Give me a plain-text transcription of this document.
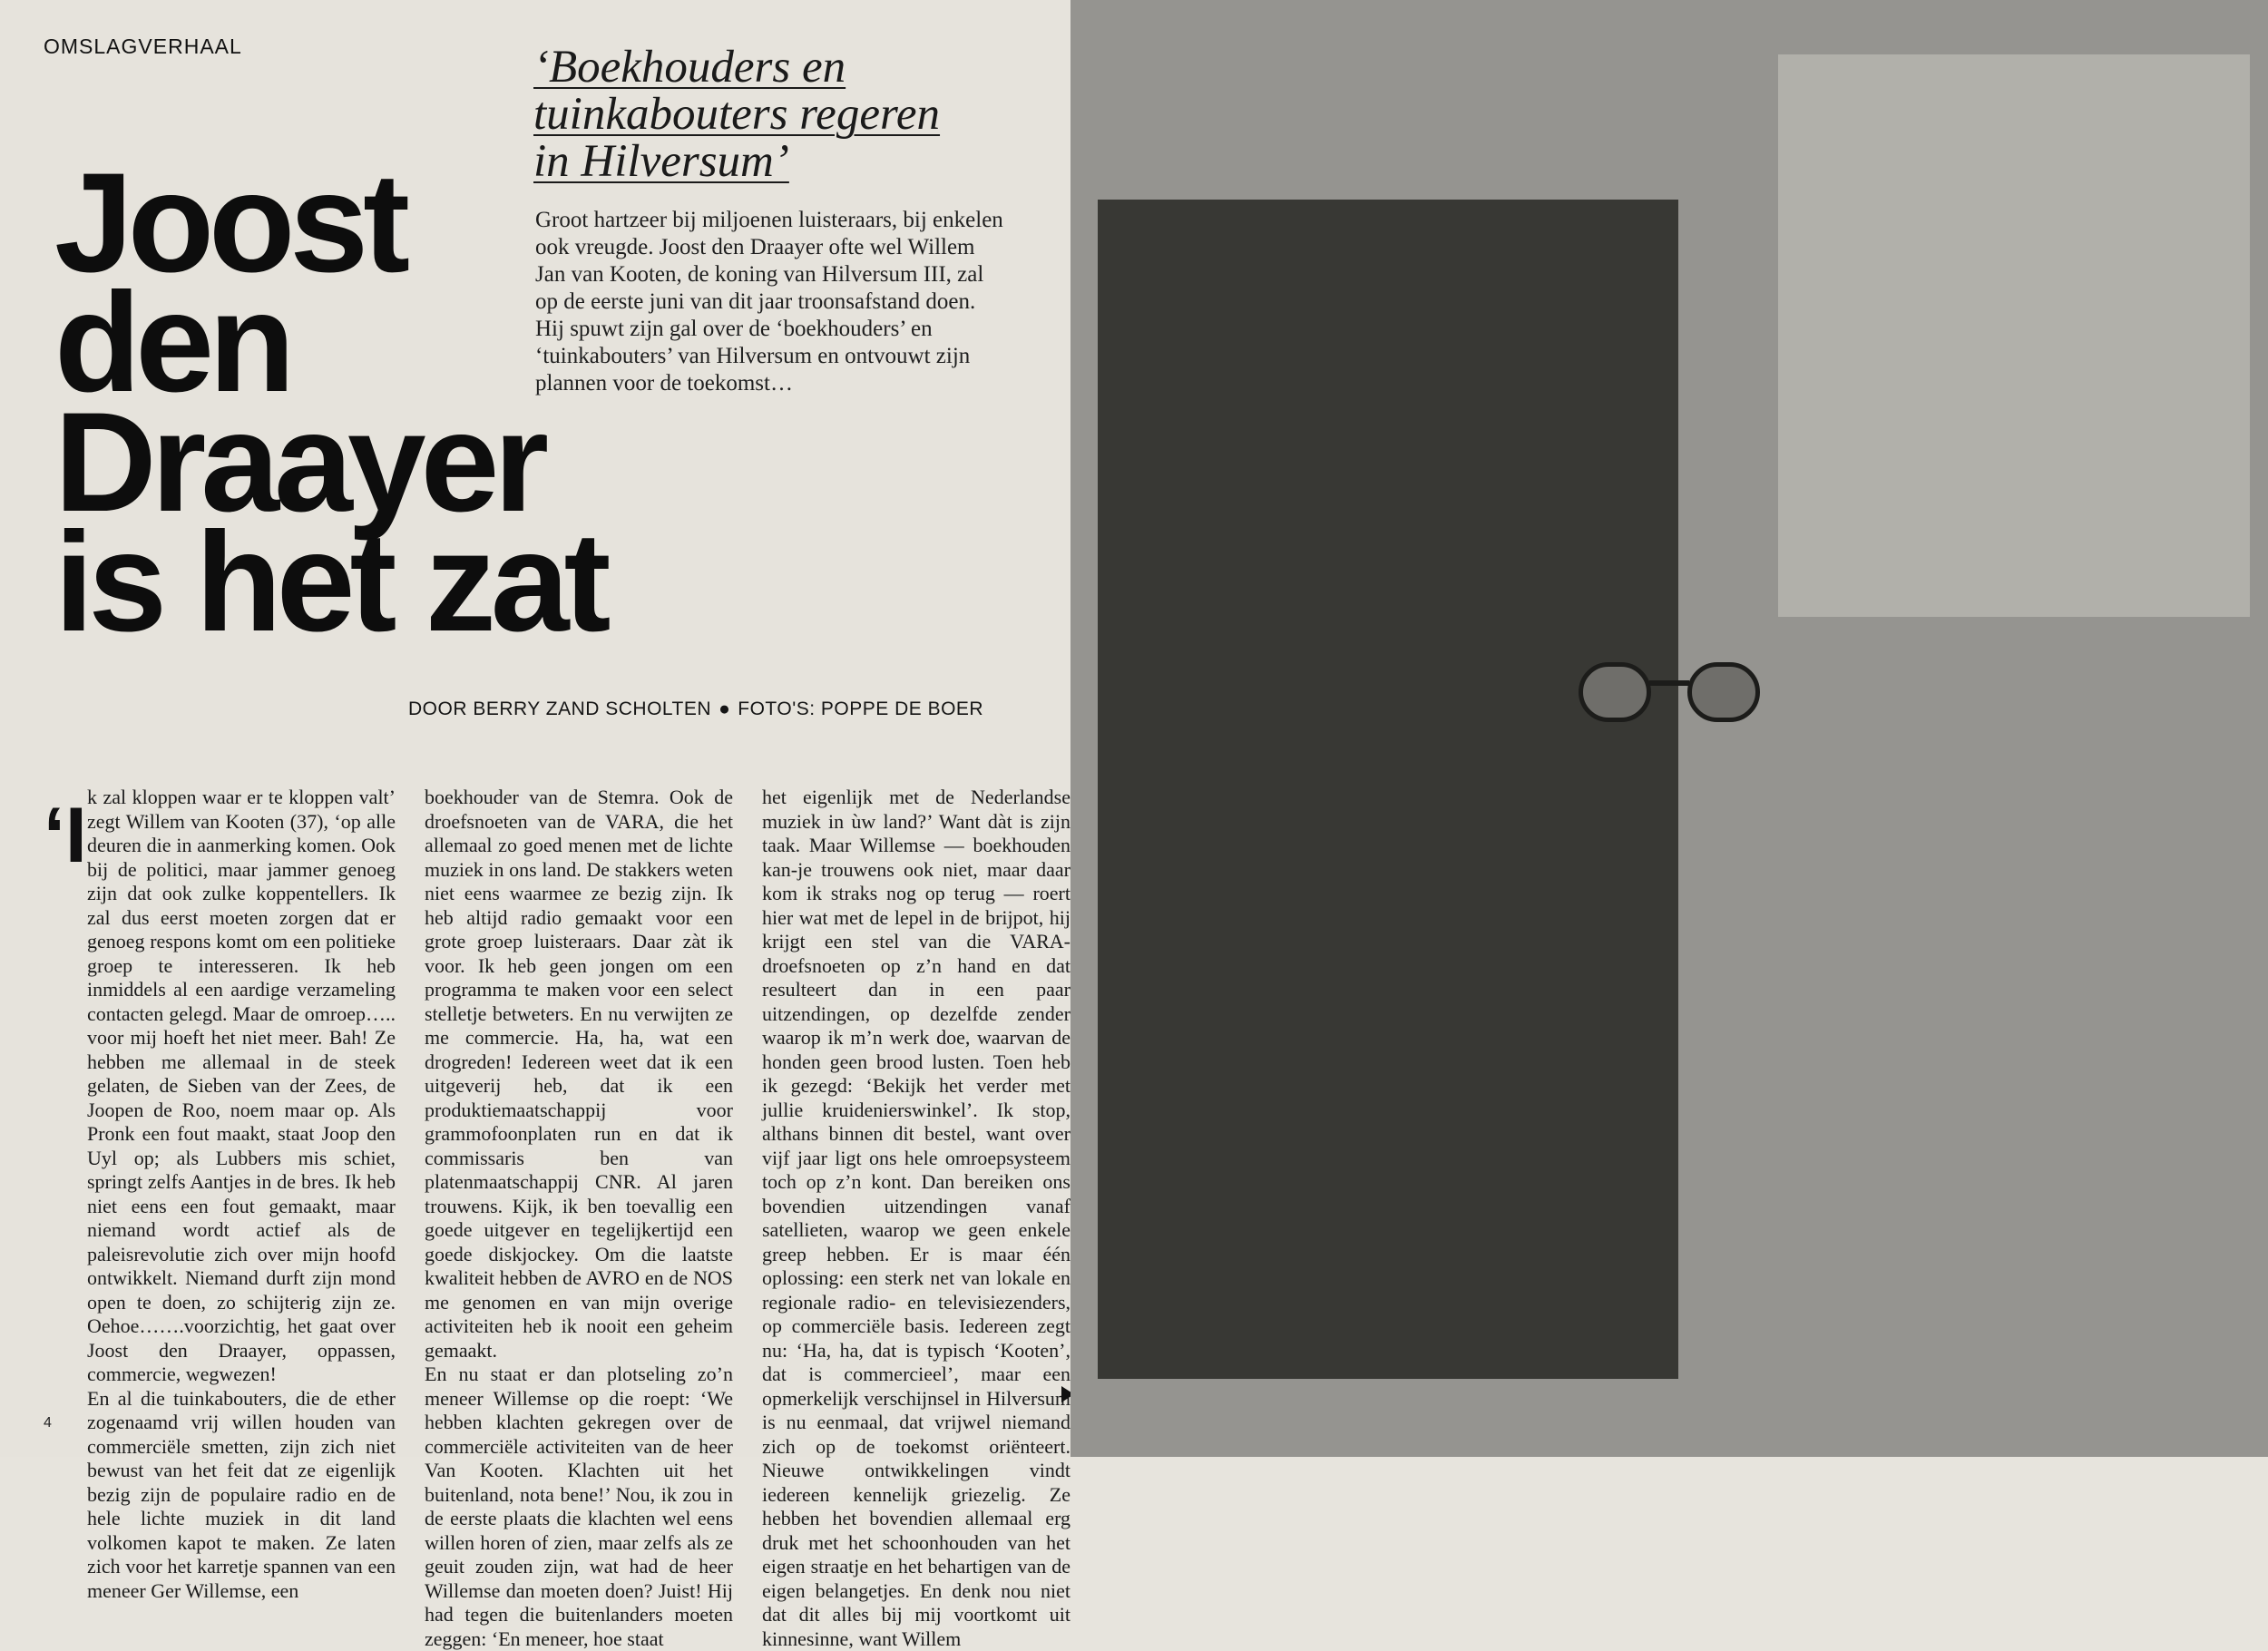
OMSLAGVERHAAL	‘Boekhouders en
tuinkabouters regeren
in Hilversum’
Joost
den
Draayer
is het zat

Groot hartzeer bij miljoenen luisteraars, bij enkelen ook vreugde. Joost den Draayer ofte wel Willem Jan van Kooten, de koning van Hilversum III, zal op de eerste juni van dit jaar troonsafstand doen.

Hij spuwt zijn gal over de ‘boekhouders’ en ‘tuinkabouters’ van Hilversum en ontvouwt zijn plannen voor de toekomst…

DOOR BERRY ZAND SCHOLTEN ● FOTO'S: POPPE DE BOER
‘I k zal kloppen waar er te kloppen valt’ zegt Willem van Kooten (37), ‘op alle deuren die in aanmerking komen. Ook bij de politici, maar jammer genoeg zijn dat ook zulke koppentellers. Ik zal dus eerst moeten zorgen dat er genoeg respons komt om een politieke groep te interesseren. Ik heb inmiddels al een aardige verzameling contacten gelegd. Maar de omroep….. voor mij hoeft het niet meer. Bah! Ze hebben me allemaal in de steek gelaten, de Sieben van der Zees, de Joopen de Roo, noem maar op. Als Pronk een fout maakt, staat Joop den Uyl op; als Lubbers mis schiet, springt zelfs Aantjes in de bres. Ik heb niet eens een fout gemaakt, maar niemand wordt actief als de paleisrevolutie zich over mijn hoofd ontwikkelt. Niemand durft zijn mond open te doen, zo schijterig zijn ze. Oehoe…….voorzichtig, het gaat over Joost den Draayer, oppassen, commercie, wegwezen!

En al die tuinkabouters, die de ether zogenaamd vrij willen houden van commerciële smetten, zijn zich niet bewust van het feit dat ze eigenlijk bezig zijn de populaire radio en de hele lichte muziek in dit land volkomen kapot te maken. Ze laten zich voor het karretje spannen van een meneer Ger Willemse, een

boekhouder van de Stemra. Ook de droefsnoeten van de VARA, die het allemaal zo goed menen met de lichte muziek in ons land. De stakkers weten niet eens waarmee ze bezig zijn. Ik heb altijd radio gemaakt voor een grote groep luisteraars. Daar zàt ik voor. Ik heb geen jongen om een programma te maken voor een select stelletje betweters. En nu verwijten ze me commercie. Ha, ha, wat een drogreden! Iedereen weet dat ik een uitgeverij heb, dat ik een produktiemaatschappij voor grammofoonplaten run en dat ik commissaris ben van platenmaatschappij CNR. Al jaren trouwens. Kijk, ik ben toevallig een goede uitgever en tegelijkertijd een goede diskjockey. Om die laatste kwaliteit hebben de AVRO en de NOS me genomen en van mijn overige activiteiten heb ik nooit een geheim gemaakt.

En nu staat er dan plotseling zo’n meneer Willemse op die roept: ‘We hebben klachten gekregen over de commerciële activiteiten van de heer Van Kooten. Klachten uit het buitenland, nota bene!’ Nou, ik zou in de eerste plaats die klachten wel eens willen horen of zien, maar zelfs als ze geuit zouden zijn, wat had de heer Willemse dan moeten doen? Juist! Hij had tegen die buitenlanders moeten zeggen: ‘En meneer, hoe staat

het eigenlijk met de Nederlandse muziek in ùw land?’ Want dàt is zijn taak. Maar Willemse — boekhouden kan-je trouwens ook niet, maar daar kom ik straks nog op terug — roert hier wat met de lepel in de brijpot, hij krijgt een stel van die VARA-droefsnoeten op z’n hand en dat resulteert dan in een paar uitzendingen, op dezelfde zender waarop ik m’n werk doe, waarvan de honden geen brood lusten. Toen heb ik gezegd: ‘Bekijk het verder met jullie kruidenierswinkel’. Ik stop, althans binnen dit bestel, want over vijf jaar ligt ons hele omroepsysteem toch op z’n kont. Dan bereiken ons bovendien uitzendingen vanaf satellieten, waarop we geen enkele greep hebben. Er is maar één oplossing: een sterk net van lokale en regionale radio- en televisiezenders, op commerciële basis. Iedereen zegt nu: ‘Ha, ha, dat is typisch ‘Kooten’, dat is commercieel’, maar een opmerkelijk verschijnsel in Hilversum is nu eenmaal, dat vrijwel niemand zich op de toekomst oriënteert. Nieuwe ontwikkelingen vindt iedereen kennelijk griezelig. Ze hebben het bovendien allemaal erg druk met het schoonhouden van het eigen straatje en het behartigen van de eigen belangetjes. En denk nou niet dat dit alles bij mij voortkomt uit kinnesinne, want Willem

4
